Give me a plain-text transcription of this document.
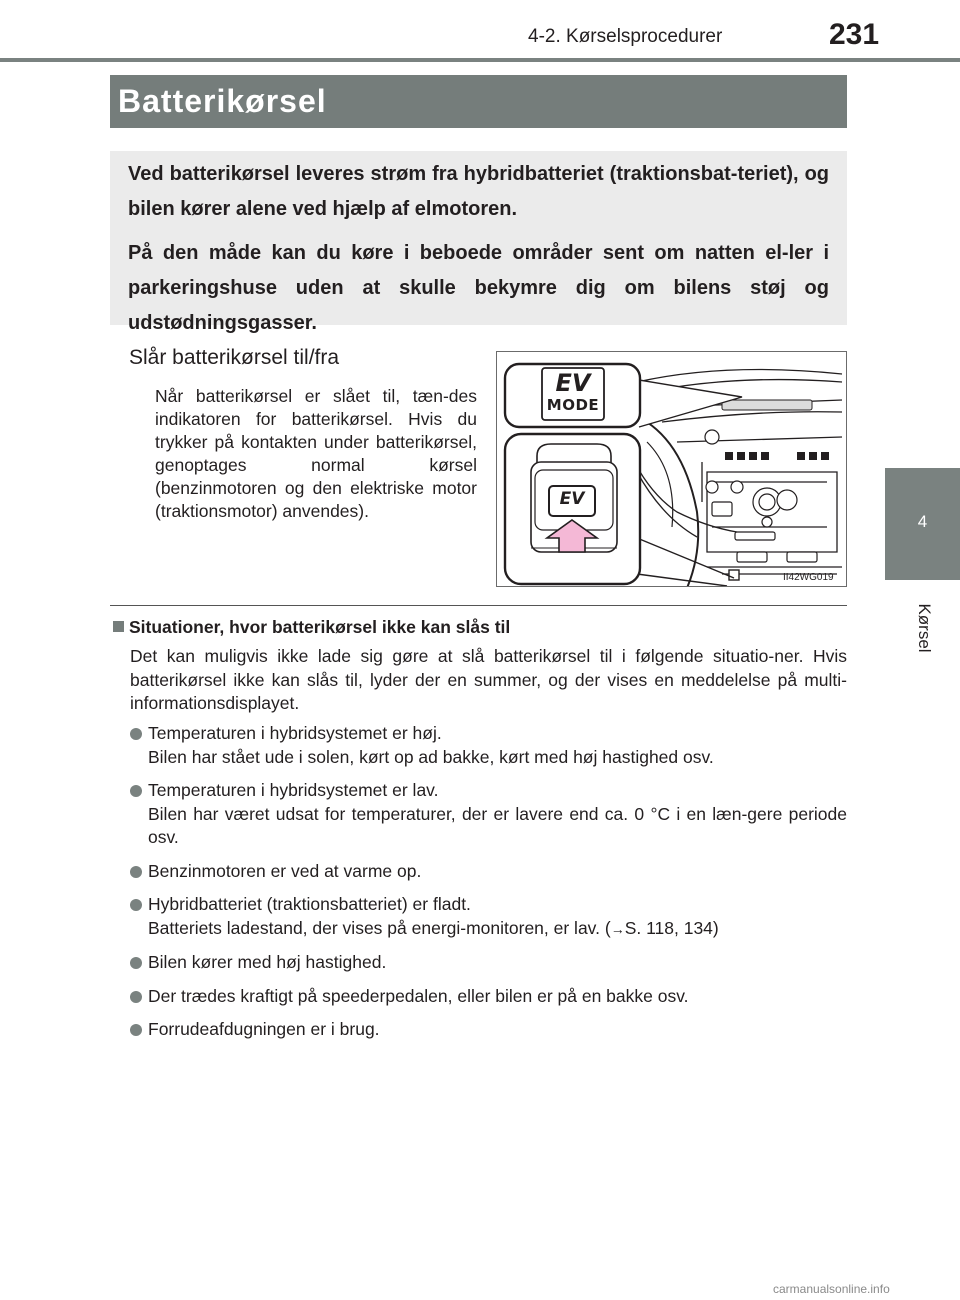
4-2. Kørselsprocedurer	231
4
Kørsel
Batterikørsel

Ved batterikørsel leveres strøm fra hybridbatteriet (traktionsbat-teriet), og bilen kører alene ved hjælp af elmotoren.

På den måde kan du køre i beboede områder sent om natten el-ler i parkeringshuse uden at skulle bekymre dig om bilens støj og udstødningsgasser.

Slår batterikørsel til/fra
Når batterikørsel er slået til, tæn-des indikatoren for batterikørsel. Hvis du trykker på kontakten under batterikørsel, genoptages normal kørsel (benzinmotoren og den elektriske motor (traktionsmotor) anvendes).
EV
MODE
EV
II42WG019
Situationer, hvor batterikørsel ikke kan slås til
Det kan muligvis ikke lade sig gøre at slå batterikørsel til i følgende situatio-ner. Hvis batterikørsel ikke kan slås til, lyder der en summer, og der vises en meddelelse på multi-informationsdisplayet.
Temperaturen i hybridsystemet er høj.
Bilen har stået ude i solen, kørt op ad bakke, kørt med høj hastighed osv.
Temperaturen i hybridsystemet er lav.
Bilen har været udsat for temperaturer, der er lavere end ca. 0 °C i en læn-gere periode osv.
Benzinmotoren er ved at varme op.
Hybridbatteriet (traktionsbatteriet) er fladt.
Batteriets ladestand, der vises på energi-monitoren, er lav. (→S. 118, 134)
Bilen kører med høj hastighed.
Der trædes kraftigt på speederpedalen, eller bilen er på en bakke osv.
Forrudeafdugningen er i brug.
carmanualsonline.info
